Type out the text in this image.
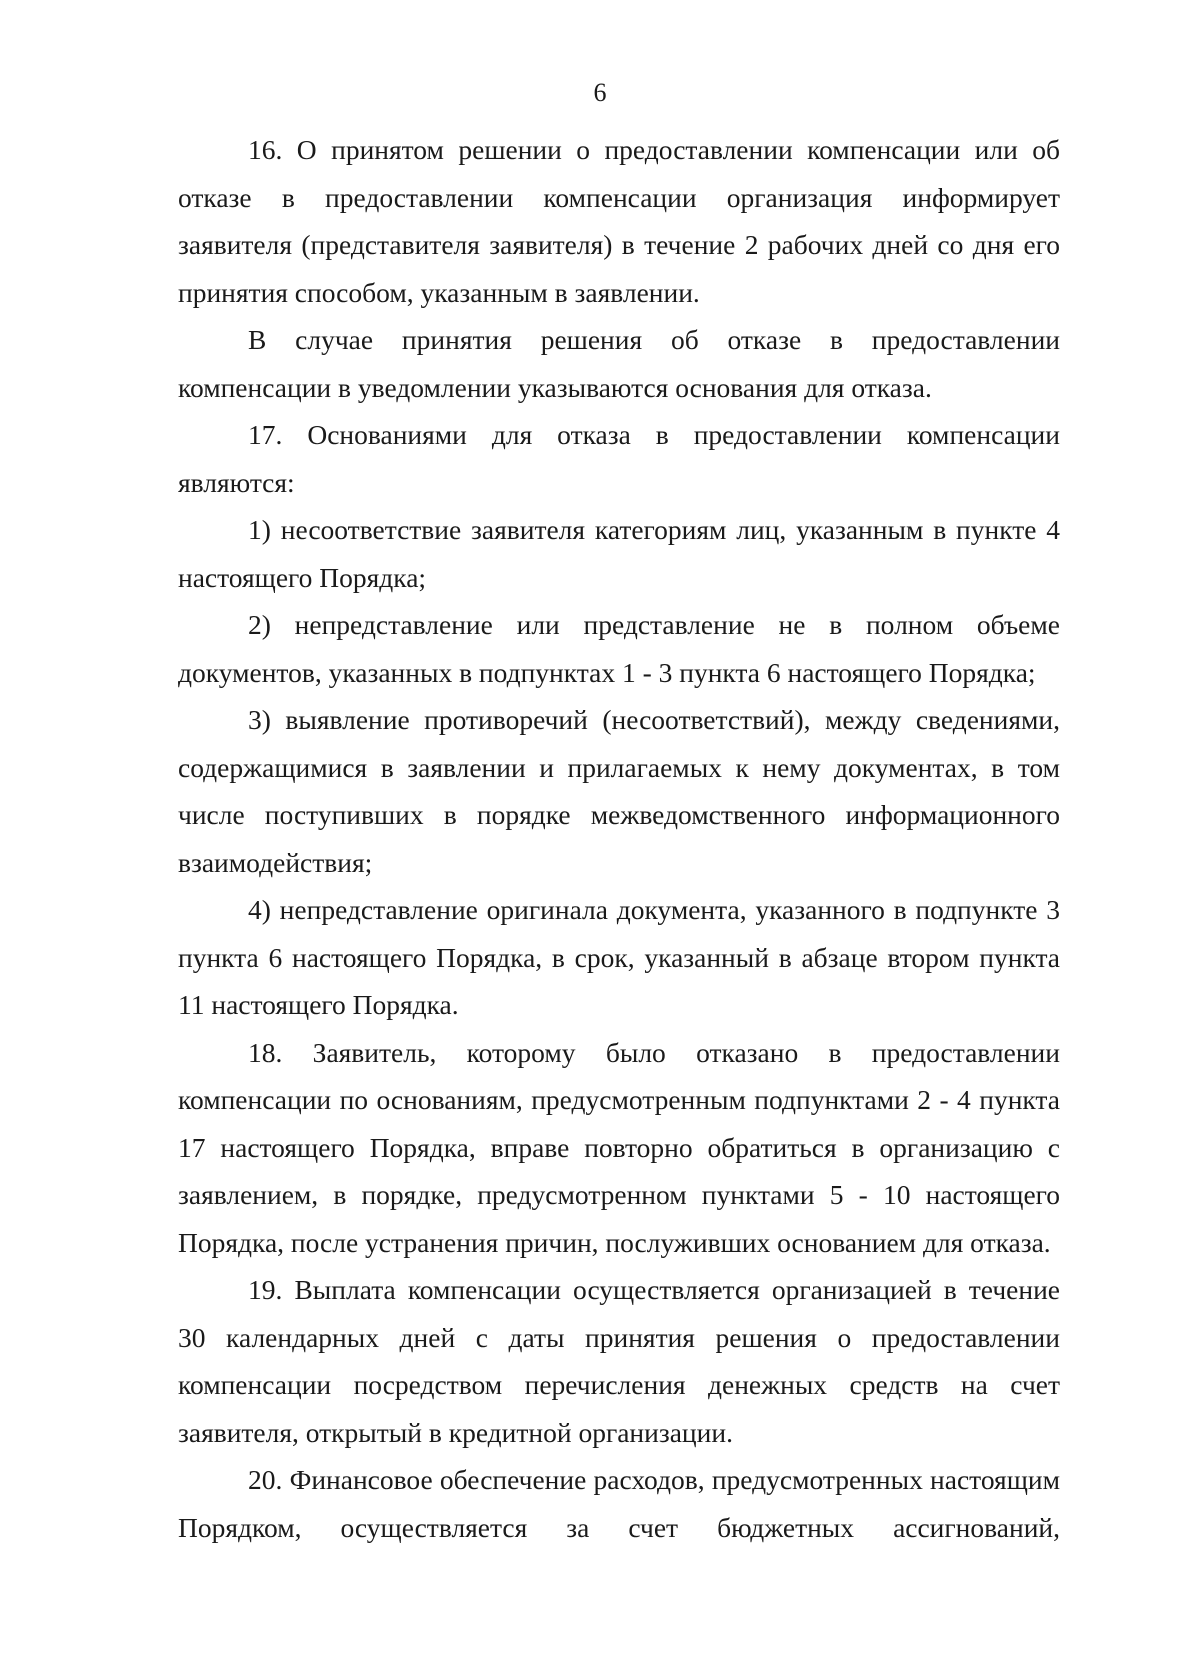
6

16. О принятом решении о предоставлении компенсации или об отказе в предоставлении компенсации организация информирует заявителя (представителя заявителя) в течение 2 рабочих дней со дня его принятия способом, указанным в заявлении.

В случае принятия решения об отказе в предоставлении компенсации в уведомлении указываются основания для отказа.

17. Основаниями для отказа в предоставлении компенсации являются:

1) несоответствие заявителя категориям лиц, указанным в пункте 4 настоящего Порядка;

2) непредставление или представление не в полном объеме документов, указанных в подпунктах 1 - 3 пункта 6 настоящего Порядка;

3) выявление противоречий (несоответствий), между сведениями, содержащимися в заявлении и прилагаемых к нему документах, в том числе поступивших в порядке межведомственного информационного взаимодействия;

4) непредставление оригинала документа, указанного в подпункте 3 пункта 6 настоящего Порядка, в срок, указанный в абзаце втором пункта 11 настоящего Порядка.

18. Заявитель, которому было отказано в предоставлении компенсации по основаниям, предусмотренным подпунктами 2 - 4 пункта 17 настоящего Порядка, вправе повторно обратиться в организацию с заявлением, в порядке, предусмотренном пунктами 5 - 10 настоящего Порядка, после устранения причин, послуживших основанием для отказа.

19. Выплата компенсации осуществляется организацией в течение 30 календарных дней с даты принятия решения о предоставлении компенсации посредством перечисления денежных средств на счет заявителя, открытый в кредитной организации.

20. Финансовое обеспечение расходов, предусмотренных настоящим Порядком, осуществляется за счет бюджетных ассигнований,
